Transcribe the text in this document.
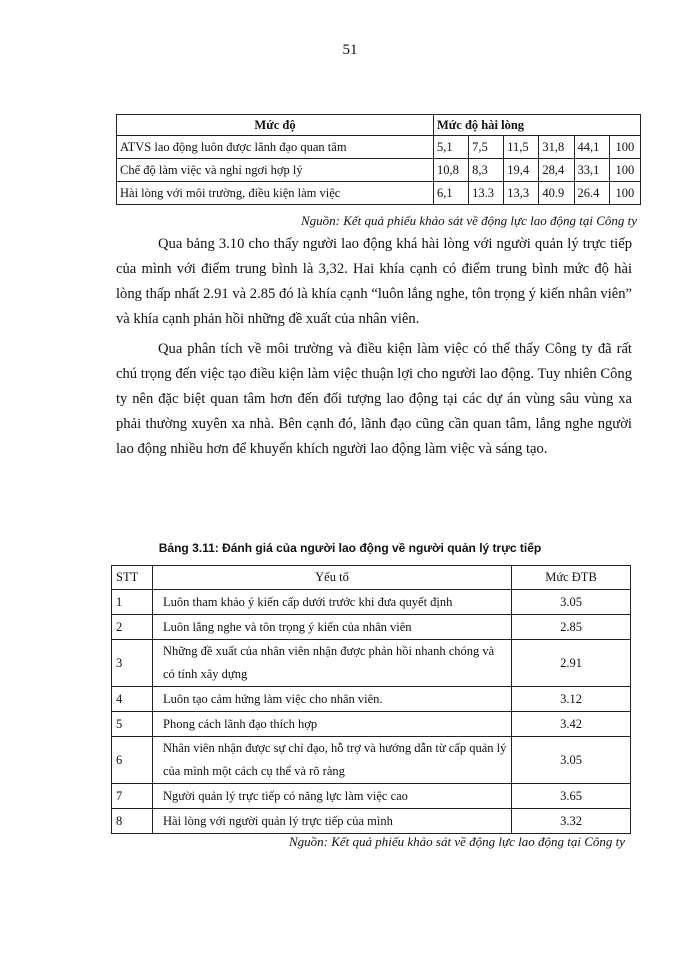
51
Mức độ	Mức độ hài lòng					
ATVS lao động luôn được lãnh đạo quan tâm	5,1	7,5	11,5	31,8	44,1	100
Chế độ làm việc và nghỉ ngơi hợp lý	10,8	8,3	19,4	28,4	33,1	100
Hài lòng với môi trường, điều kiện làm việc	6,1	13.3	13,3	40.9	26.4	100
Nguồn: Kết quả phiếu khảo sát về động lực lao động tại Công ty

Qua bảng 3.10 cho thấy người lao động khá hài lòng với người quản lý trực tiếp của mình với điểm trung bình là 3,32. Hai khía cạnh có điểm trung bình mức độ hài lòng thấp nhất 2.91 và 2.85 đó là khía cạnh “luôn lắng nghe, tôn trọng ý kiến nhân viên” và khía cạnh phản hồi những đề xuất của nhân viên.

Qua phân tích về môi trường và điều kiện làm việc có thể thấy Công ty đã rất chú trọng đến việc tạo điều kiện làm việc thuận lợi cho người lao động. Tuy nhiên Công ty nên đặc biệt quan tâm hơn đến đối tượng lao động tại các dự án vùng sâu vùng xa phải thường xuyên xa nhà. Bên cạnh đó, lãnh đạo cũng cần quan tâm, lắng nghe người lao động nhiều hơn để khuyến khích người lao động làm việc và sáng tạo.

Bảng 3.11: Đánh giá của người lao động về người quản lý trực tiếp
STT	Yếu tố	Mức ĐTB
1	Luôn tham khảo ý kiến cấp dưới trước khi đưa quyết định	3.05
2	Luôn lắng nghe và tôn trọng ý kiến của nhân viên	2.85
3	Những đề xuất của nhân viên nhận được phản hồi nhanh chóng và có tính xây dựng	2.91
4	Luôn tạo cảm hứng làm việc cho nhân viên.	3.12
5	Phong cách lãnh đạo thích hợp	3.42
6	Nhân viên nhận được sự chỉ đạo, hỗ trợ và hướng dẫn từ cấp quản lý của mình một cách cụ thể và rõ ràng	3.05
7	Người quản lý trực tiếp có năng lực làm việc cao	3.65
8	Hài lòng với người quản lý trực tiếp của mình	3.32
Nguồn: Kết quả phiếu khảo sát về động lực lao động tại Công ty
